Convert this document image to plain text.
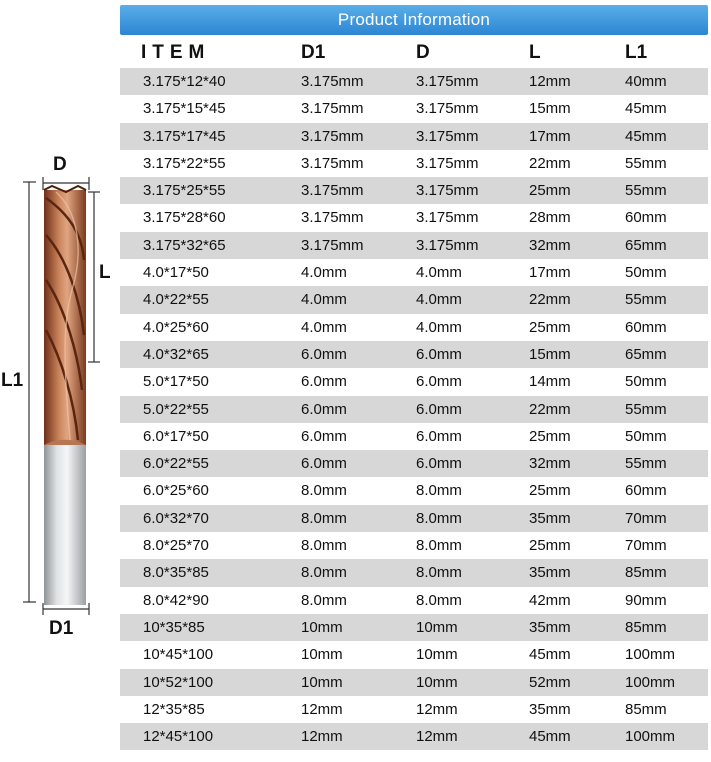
D
L
L1
D1
Product Information
ITEM	D1	D	L	L1
3.175*12*40	3.175mm	3.175mm	12mm	40mm
3.175*15*45	3.175mm	3.175mm	15mm	45mm
3.175*17*45	3.175mm	3.175mm	17mm	45mm
3.175*22*55	3.175mm	3.175mm	22mm	55mm
3.175*25*55	3.175mm	3.175mm	25mm	55mm
3.175*28*60	3.175mm	3.175mm	28mm	60mm
3.175*32*65	3.175mm	3.175mm	32mm	65mm
4.0*17*50	4.0mm	4.0mm	17mm	50mm
4.0*22*55	4.0mm	4.0mm	22mm	55mm
4.0*25*60	4.0mm	4.0mm	25mm	60mm
4.0*32*65	6.0mm	6.0mm	15mm	65mm
5.0*17*50	6.0mm	6.0mm	14mm	50mm
5.0*22*55	6.0mm	6.0mm	22mm	55mm
6.0*17*50	6.0mm	6.0mm	25mm	50mm
6.0*22*55	6.0mm	6.0mm	32mm	55mm
6.0*25*60	8.0mm	8.0mm	25mm	60mm
6.0*32*70	8.0mm	8.0mm	35mm	70mm
8.0*25*70	8.0mm	8.0mm	25mm	70mm
8.0*35*85	8.0mm	8.0mm	35mm	85mm
8.0*42*90	8.0mm	8.0mm	42mm	90mm
10*35*85	10mm	10mm	35mm	85mm
10*45*100	10mm	10mm	45mm	100mm
10*52*100	10mm	10mm	52mm	100mm
12*35*85	12mm	12mm	35mm	85mm
12*45*100	12mm	12mm	45mm	100mm
